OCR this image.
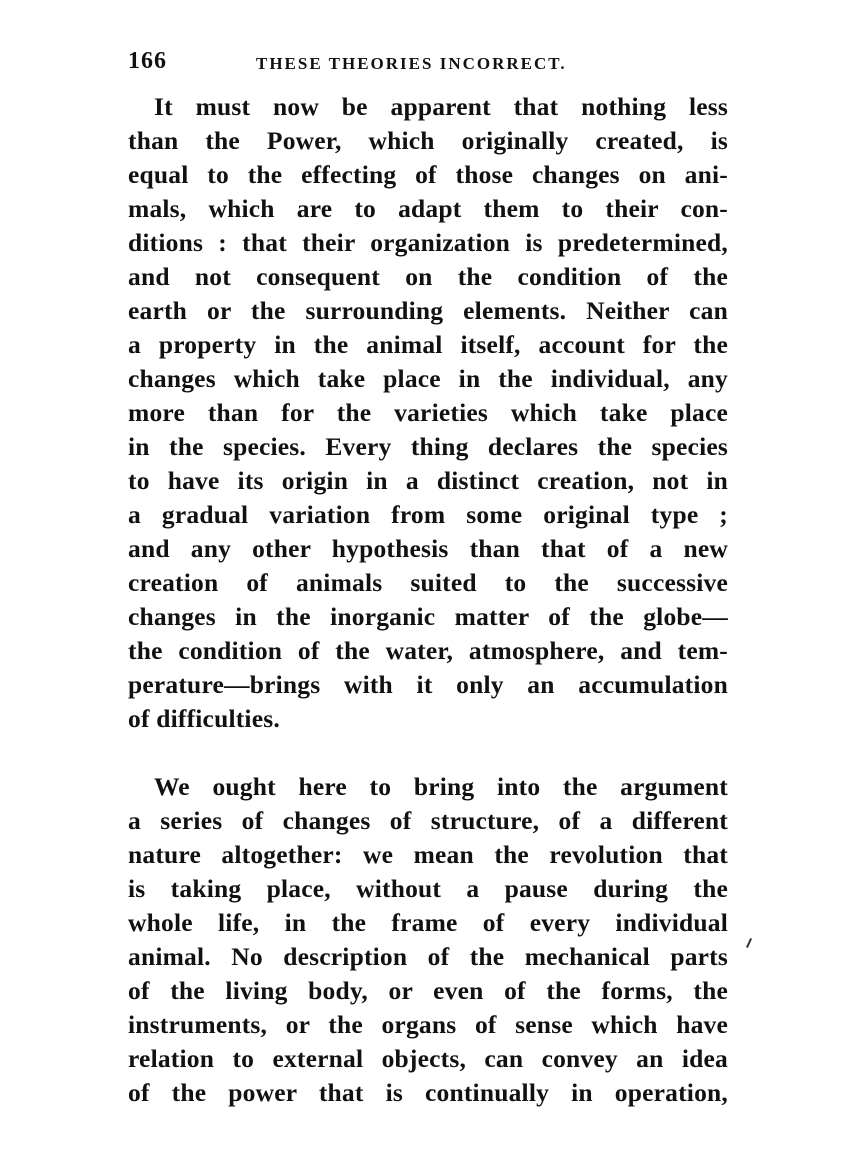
166	THESE THEORIES INCORRECT.

It must now be apparent that nothing less
than the Power, which originally created, is
equal to the effecting of those changes on ani-
mals, which are to adapt them to their con-
ditions : that their organization is predetermined,
and not consequent on the condition of the
earth or the surrounding elements. Neither can
a property in the animal itself, account for the
changes which take place in the individual, any
more than for the varieties which take place
in the species. Every thing declares the species
to have its origin in a distinct creation, not in
a gradual variation from some original type ;
and any other hypothesis than that of a new
creation of animals suited to the successive
changes in the inorganic matter of the globe—
the condition of the water, atmosphere, and tem-
perature—brings with it only an accumulation
of difficulties.

We ought here to bring into the argument
a series of changes of structure, of a different
nature altogether: we mean the revolution that
is taking place, without a pause during the
whole life, in the frame of every individual
animal. No description of the mechanical parts
of the living body, or even of the forms, the
instruments, or the organs of sense which have
relation to external objects, can convey an idea
of the power that is continually in operation,
